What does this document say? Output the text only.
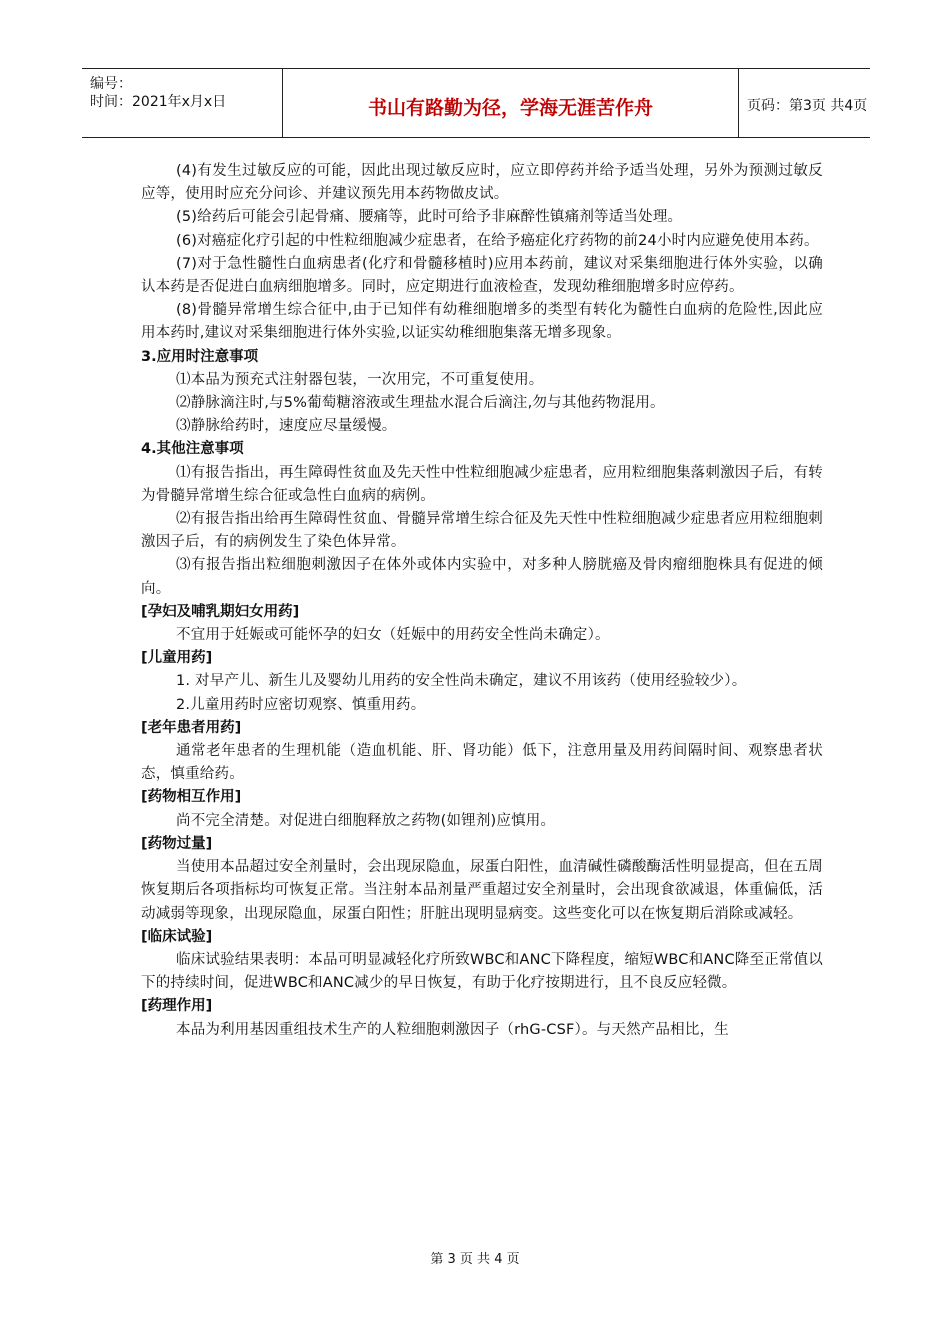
编号：
时间：2021年x月x日	书山有路勤为径，学海无涯苦作舟	页码：第3页 共4页

(4)有发生过敏反应的可能，因此出现过敏反应时，应立即停药并给予适当处理，另外为预测过敏反应等，使用时应充分问诊、并建议预先用本药物做皮试。

(5)给药后可能会引起骨痛、腰痛等，此时可给予非麻醉性镇痛剂等适当处理。

(6)对癌症化疗引起的中性粒细胞减少症患者，在给予癌症化疗药物的前24小时内应避免使用本药。

(7)对于急性髓性白血病患者(化疗和骨髓移植时)应用本药前，建议对采集细胞进行体外实验，以确认本药是否促进白血病细胞增多。同时，应定期进行血液检查，发现幼稚细胞增多时应停药。

(8)骨髓异常增生综合征中,由于已知伴有幼稚细胞增多的类型有转化为髓性白血病的危险性,因此应用本药时,建议对采集细胞进行体外实验,以证实幼稚细胞集落无增多现象。

3.应用时注意事项

⑴本品为预充式注射器包装，一次用完，不可重复使用。

⑵静脉滴注时,与5%葡萄糖溶液或生理盐水混合后滴注,勿与其他药物混用。

⑶静脉给药时，速度应尽量缓慢。

4.其他注意事项

⑴有报告指出，再生障碍性贫血及先天性中性粒细胞减少症患者，应用粒细胞集落刺激因子后，有转为骨髓异常增生综合征或急性白血病的病例。

⑵有报告指出给再生障碍性贫血、骨髓异常增生综合征及先天性中性粒细胞减少症患者应用粒细胞刺激因子后，有的病例发生了染色体异常。

⑶有报告指出粒细胞刺激因子在体外或体内实验中，对多种人膀胱癌及骨肉瘤细胞株具有促进的倾向。

[孕妇及哺乳期妇女用药]

不宜用于妊娠或可能怀孕的妇女（妊娠中的用药安全性尚未确定）。

[儿童用药]

1. 对早产儿、新生儿及婴幼儿用药的安全性尚未确定，建议不用该药（使用经验较少）。

2.儿童用药时应密切观察、慎重用药。

[老年患者用药]

通常老年患者的生理机能（造血机能、肝、肾功能）低下，注意用量及用药间隔时间、观察患者状态，慎重给药。

[药物相互作用]

尚不完全清楚。对促进白细胞释放之药物(如锂剂)应慎用。

[药物过量]

当使用本品超过安全剂量时，会出现尿隐血，尿蛋白阳性，血清碱性磷酸酶活性明显提高，但在五周恢复期后各项指标均可恢复正常。当注射本品剂量严重超过安全剂量时，会出现食欲减退，体重偏低，活动减弱等现象，出现尿隐血，尿蛋白阳性；肝脏出现明显病变。这些变化可以在恢复期后消除或减轻。

[临床试验]

临床试验结果表明：本品可明显减轻化疗所致WBC和ANC下降程度，缩短WBC和ANC降至正常值以下的持续时间，促进WBC和ANC减少的早日恢复，有助于化疗按期进行，且不良反应轻微。

[药理作用]

本品为利用基因重组技术生产的人粒细胞刺激因子（rhG-CSF）。与天然产品相比，生

第 3 页 共 4 页
